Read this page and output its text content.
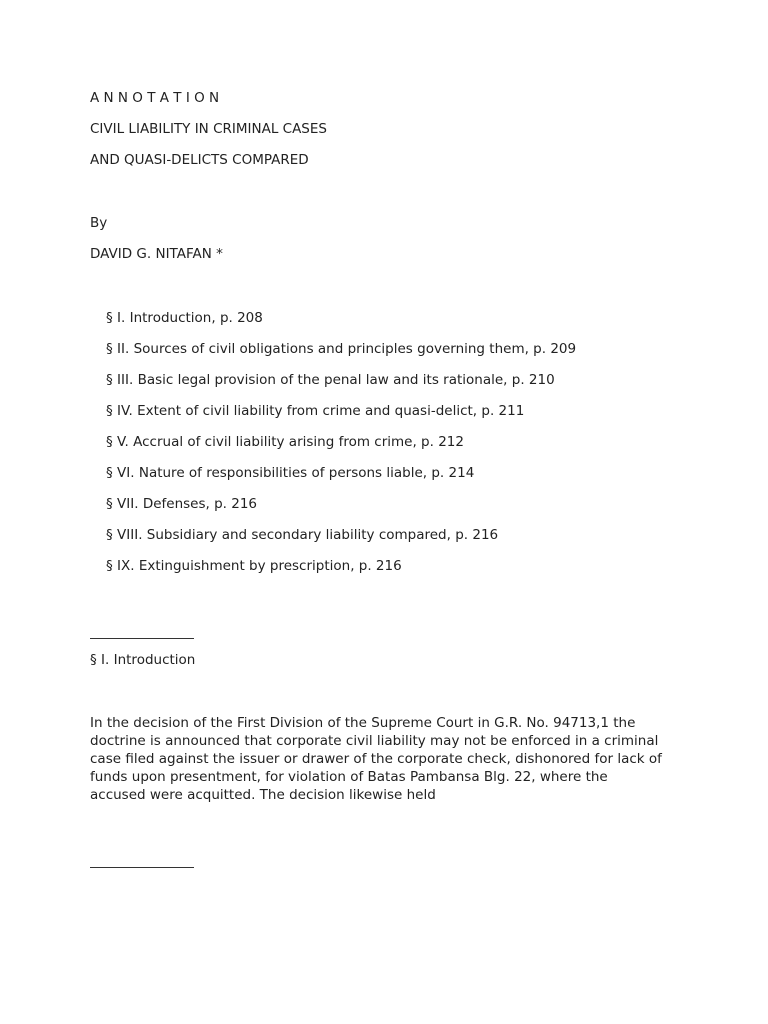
A N N O T A T I O N
CIVIL LIABILITY IN CRIMINAL CASES
AND QUASI-DELICTS COMPARED
By
DAVID G. NITAFAN *
§ I. Introduction, p. 208
§ II. Sources of civil obligations and principles governing them, p. 209
§ III. Basic legal provision of the penal law and its rationale, p. 210
§ IV. Extent of civil liability from crime and quasi-delict, p. 211
§ V. Accrual of civil liability arising from crime, p. 212
§ VI. Nature of responsibilities of persons liable, p. 214
§ VII. Defenses, p. 216
§ VIII. Subsidiary and secondary liability compared, p. 216
§ IX. Extinguishment by prescription, p. 216
§ I. Introduction
In the decision of the First Division of the Supreme Court in G.R. No. 94713,1 the
doctrine is announced that corporate civil liability may not be enforced in a criminal
case filed against the issuer or drawer of the corporate check, dishonored for lack of
funds upon presentment, for violation of Batas Pambansa Blg. 22, where the
accused were acquitted. The decision likewise held
